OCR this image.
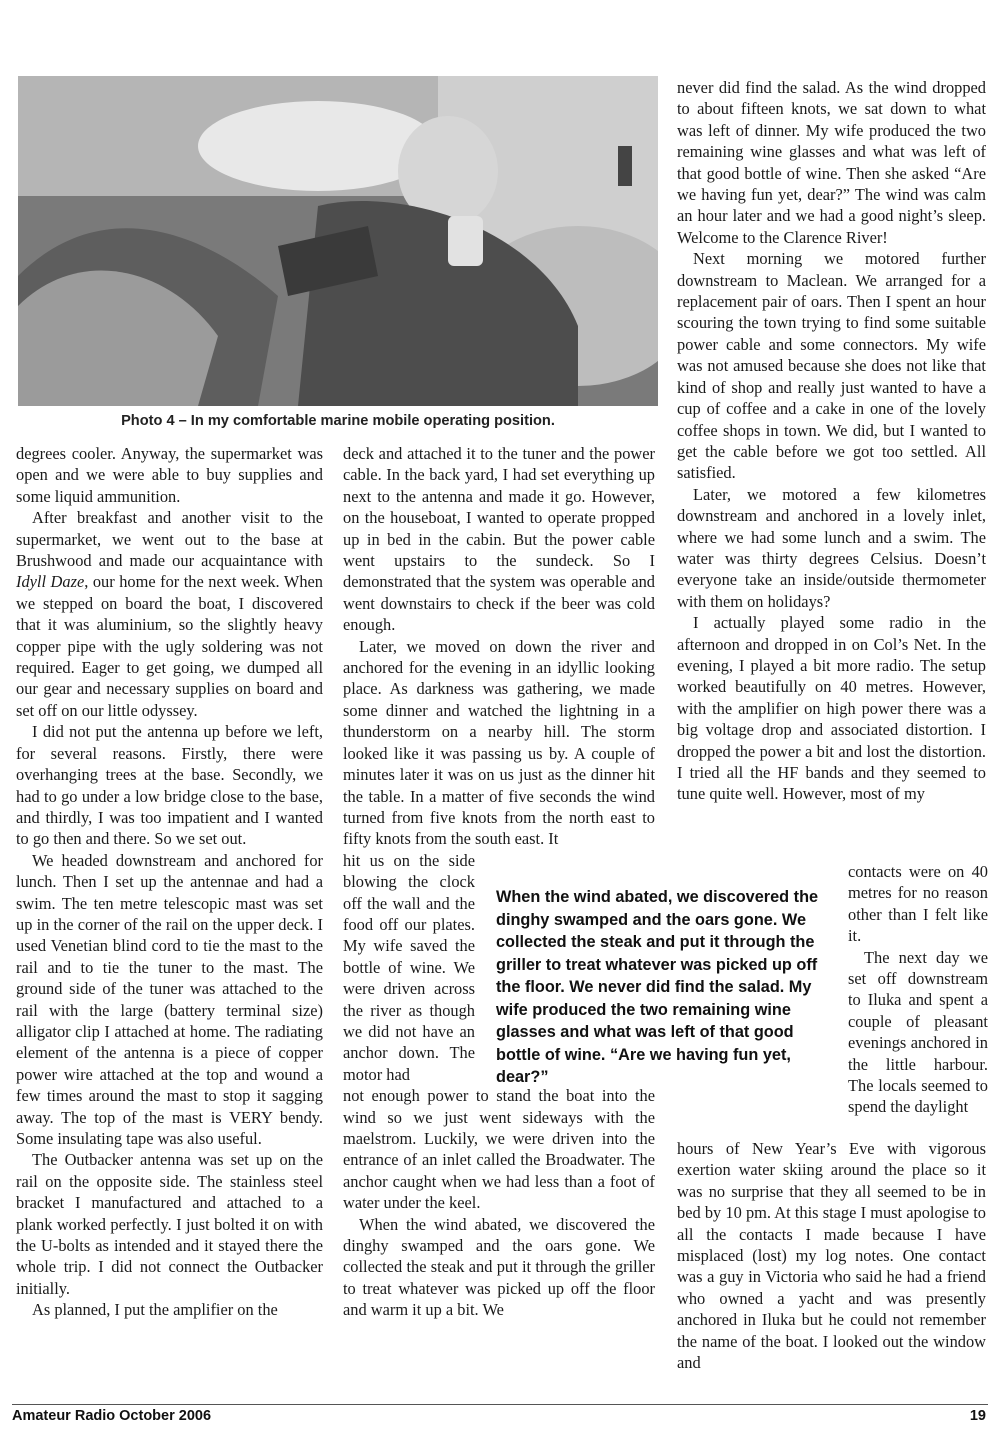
Photo 4 – In my comfortable marine mobile operating position.

degrees cooler. Anyway, the supermarket was open and we were able to buy supplies and some liquid ammunition.

After breakfast and another visit to the supermarket, we went out to the base at Brushwood and made our acquaintance with Idyll Daze, our home for the next week. When we stepped on board the boat, I discovered that it was aluminium, so the slightly heavy copper pipe with the ugly soldering was not required. Eager to get going, we dumped all our gear and necessary supplies on board and set off on our little odyssey.

I did not put the antenna up before we left, for several reasons. Firstly, there were overhanging trees at the base. Secondly, we had to go under a low bridge close to the base, and thirdly, I was too impatient and I wanted to go then and there. So we set out.

We headed downstream and anchored for lunch. Then I set up the antennae and had a swim. The ten metre telescopic mast was set up in the corner of the rail on the upper deck. I used Venetian blind cord to tie the mast to the rail and to tie the tuner to the mast. The ground side of the tuner was attached to the rail with the large (battery terminal size) alligator clip I attached at home. The radiating element of the antenna is a piece of copper power wire attached at the top and wound a few times around the mast to stop it sagging away. The top of the mast is VERY bendy. Some insulating tape was also useful.

The Outbacker antenna was set up on the rail on the opposite side. The stainless steel bracket I manufactured and attached to a plank worked perfectly. I just bolted it on with the U-bolts as intended and it stayed there the whole trip. I did not connect the Outbacker initially.

As planned, I put the amplifier on the

deck and attached it to the tuner and the power cable. In the back yard, I had set everything up next to the antenna and made it go. However, on the houseboat, I wanted to operate propped up in bed in the cabin. But the power cable went upstairs to the sundeck. So I demonstrated that the system was operable and went downstairs to check if the beer was cold enough.

Later, we moved on down the river and anchored for the evening in an idyllic looking place. As darkness was gathering, we made some dinner and watched the lightning in a thunderstorm on a nearby hill. The storm looked like it was passing us by. A couple of minutes later it was on us just as the dinner hit the table. In a matter of five seconds the wind turned from five knots from the north east to fifty knots from the south east. It

hit us on the side blowing the clock off the wall and the food off our plates. My wife saved the bottle of wine. We were driven across the river as though we did not have an anchor down. The motor had

not enough power to stand the boat into the wind so we just went sideways with the maelstrom. Luckily, we were driven into the entrance of an inlet called the Broadwater. The anchor caught when we had less than a foot of water under the keel.

When the wind abated, we discovered the dinghy swamped and the oars gone. We collected the steak and put it through the griller to treat whatever was picked up off the floor and warm it up a bit. We

When the wind abated, we discovered the dinghy swamped and the oars gone. We collected the steak and put it through the griller to treat whatever was picked up off the floor. We never did find the salad. My wife produced the two remaining wine glasses and what was left of that good bottle of wine. “Are we having fun yet, dear?”

never did find the salad. As the wind dropped to about fifteen knots, we sat down to what was left of dinner. My wife produced the two remaining wine glasses and what was left of that good bottle of wine. Then she asked “Are we having fun yet, dear?” The wind was calm an hour later and we had a good night’s sleep. Welcome to the Clarence River!

Next morning we motored further downstream to Maclean. We arranged for a replacement pair of oars. Then I spent an hour scouring the town trying to find some suitable power cable and some connectors. My wife was not amused because she does not like that kind of shop and really just wanted to have a cup of coffee and a cake in one of the lovely coffee shops in town. We did, but I wanted to get the cable before we got too settled. All satisfied.

Later, we motored a few kilometres downstream and anchored in a lovely inlet, where we had some lunch and a swim. The water was thirty degrees Celsius. Doesn’t everyone take an inside/outside thermometer with them on holidays?

I actually played some radio in the afternoon and dropped in on Col’s Net. In the evening, I played a bit more radio. The setup worked beautifully on 40 metres. However, with the amplifier on high power there was a big voltage drop and associated distortion. I dropped the power a bit and lost the distortion. I tried all the HF bands and they seemed to tune quite well. However, most of my

contacts were on 40 metres for no reason other than I felt like it.

The next day we set off downstream to Iluka and spent a couple of pleasant evenings anchored in the little harbour. The locals seemed to spend the daylight

hours of New Year’s Eve with vigorous exertion water skiing around the place so it was no surprise that they all seemed to be in bed by 10 pm. At this stage I must apologise to all the contacts I made because I have misplaced (lost) my log notes. One contact was a guy in Victoria who said he had a friend who owned a yacht and was presently anchored in Iluka but he could not remember the name of the boat. I looked out the window and

Amateur Radio October 2006	19
